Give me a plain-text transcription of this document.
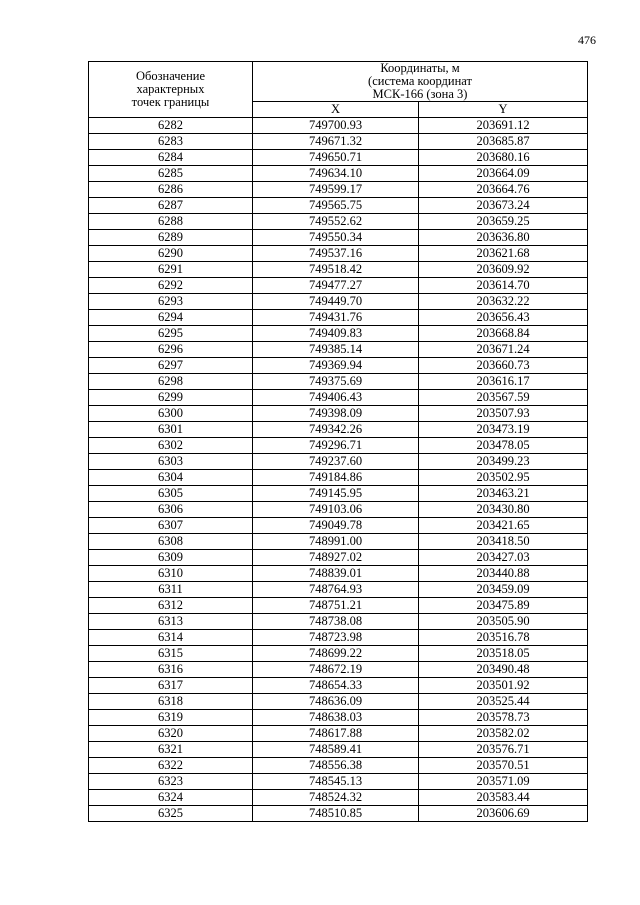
476
Обозначение
характерных
точек границы	Координаты, м
(система координат
МСК-166 (зона 3)	

	X	Y
6282	749700.93	203691.12
6283	749671.32	203685.87
6284	749650.71	203680.16
6285	749634.10	203664.09
6286	749599.17	203664.76
6287	749565.75	203673.24
6288	749552.62	203659.25
6289	749550.34	203636.80
6290	749537.16	203621.68
6291	749518.42	203609.92
6292	749477.27	203614.70
6293	749449.70	203632.22
6294	749431.76	203656.43
6295	749409.83	203668.84
6296	749385.14	203671.24
6297	749369.94	203660.73
6298	749375.69	203616.17
6299	749406.43	203567.59
6300	749398.09	203507.93
6301	749342.26	203473.19
6302	749296.71	203478.05
6303	749237.60	203499.23
6304	749184.86	203502.95
6305	749145.95	203463.21
6306	749103.06	203430.80
6307	749049.78	203421.65
6308	748991.00	203418.50
6309	748927.02	203427.03
6310	748839.01	203440.88
6311	748764.93	203459.09
6312	748751.21	203475.89
6313	748738.08	203505.90
6314	748723.98	203516.78
6315	748699.22	203518.05
6316	748672.19	203490.48
6317	748654.33	203501.92
6318	748636.09	203525.44
6319	748638.03	203578.73
6320	748617.88	203582.02
6321	748589.41	203576.71
6322	748556.38	203570.51
6323	748545.13	203571.09
6324	748524.32	203583.44
6325	748510.85	203606.69
